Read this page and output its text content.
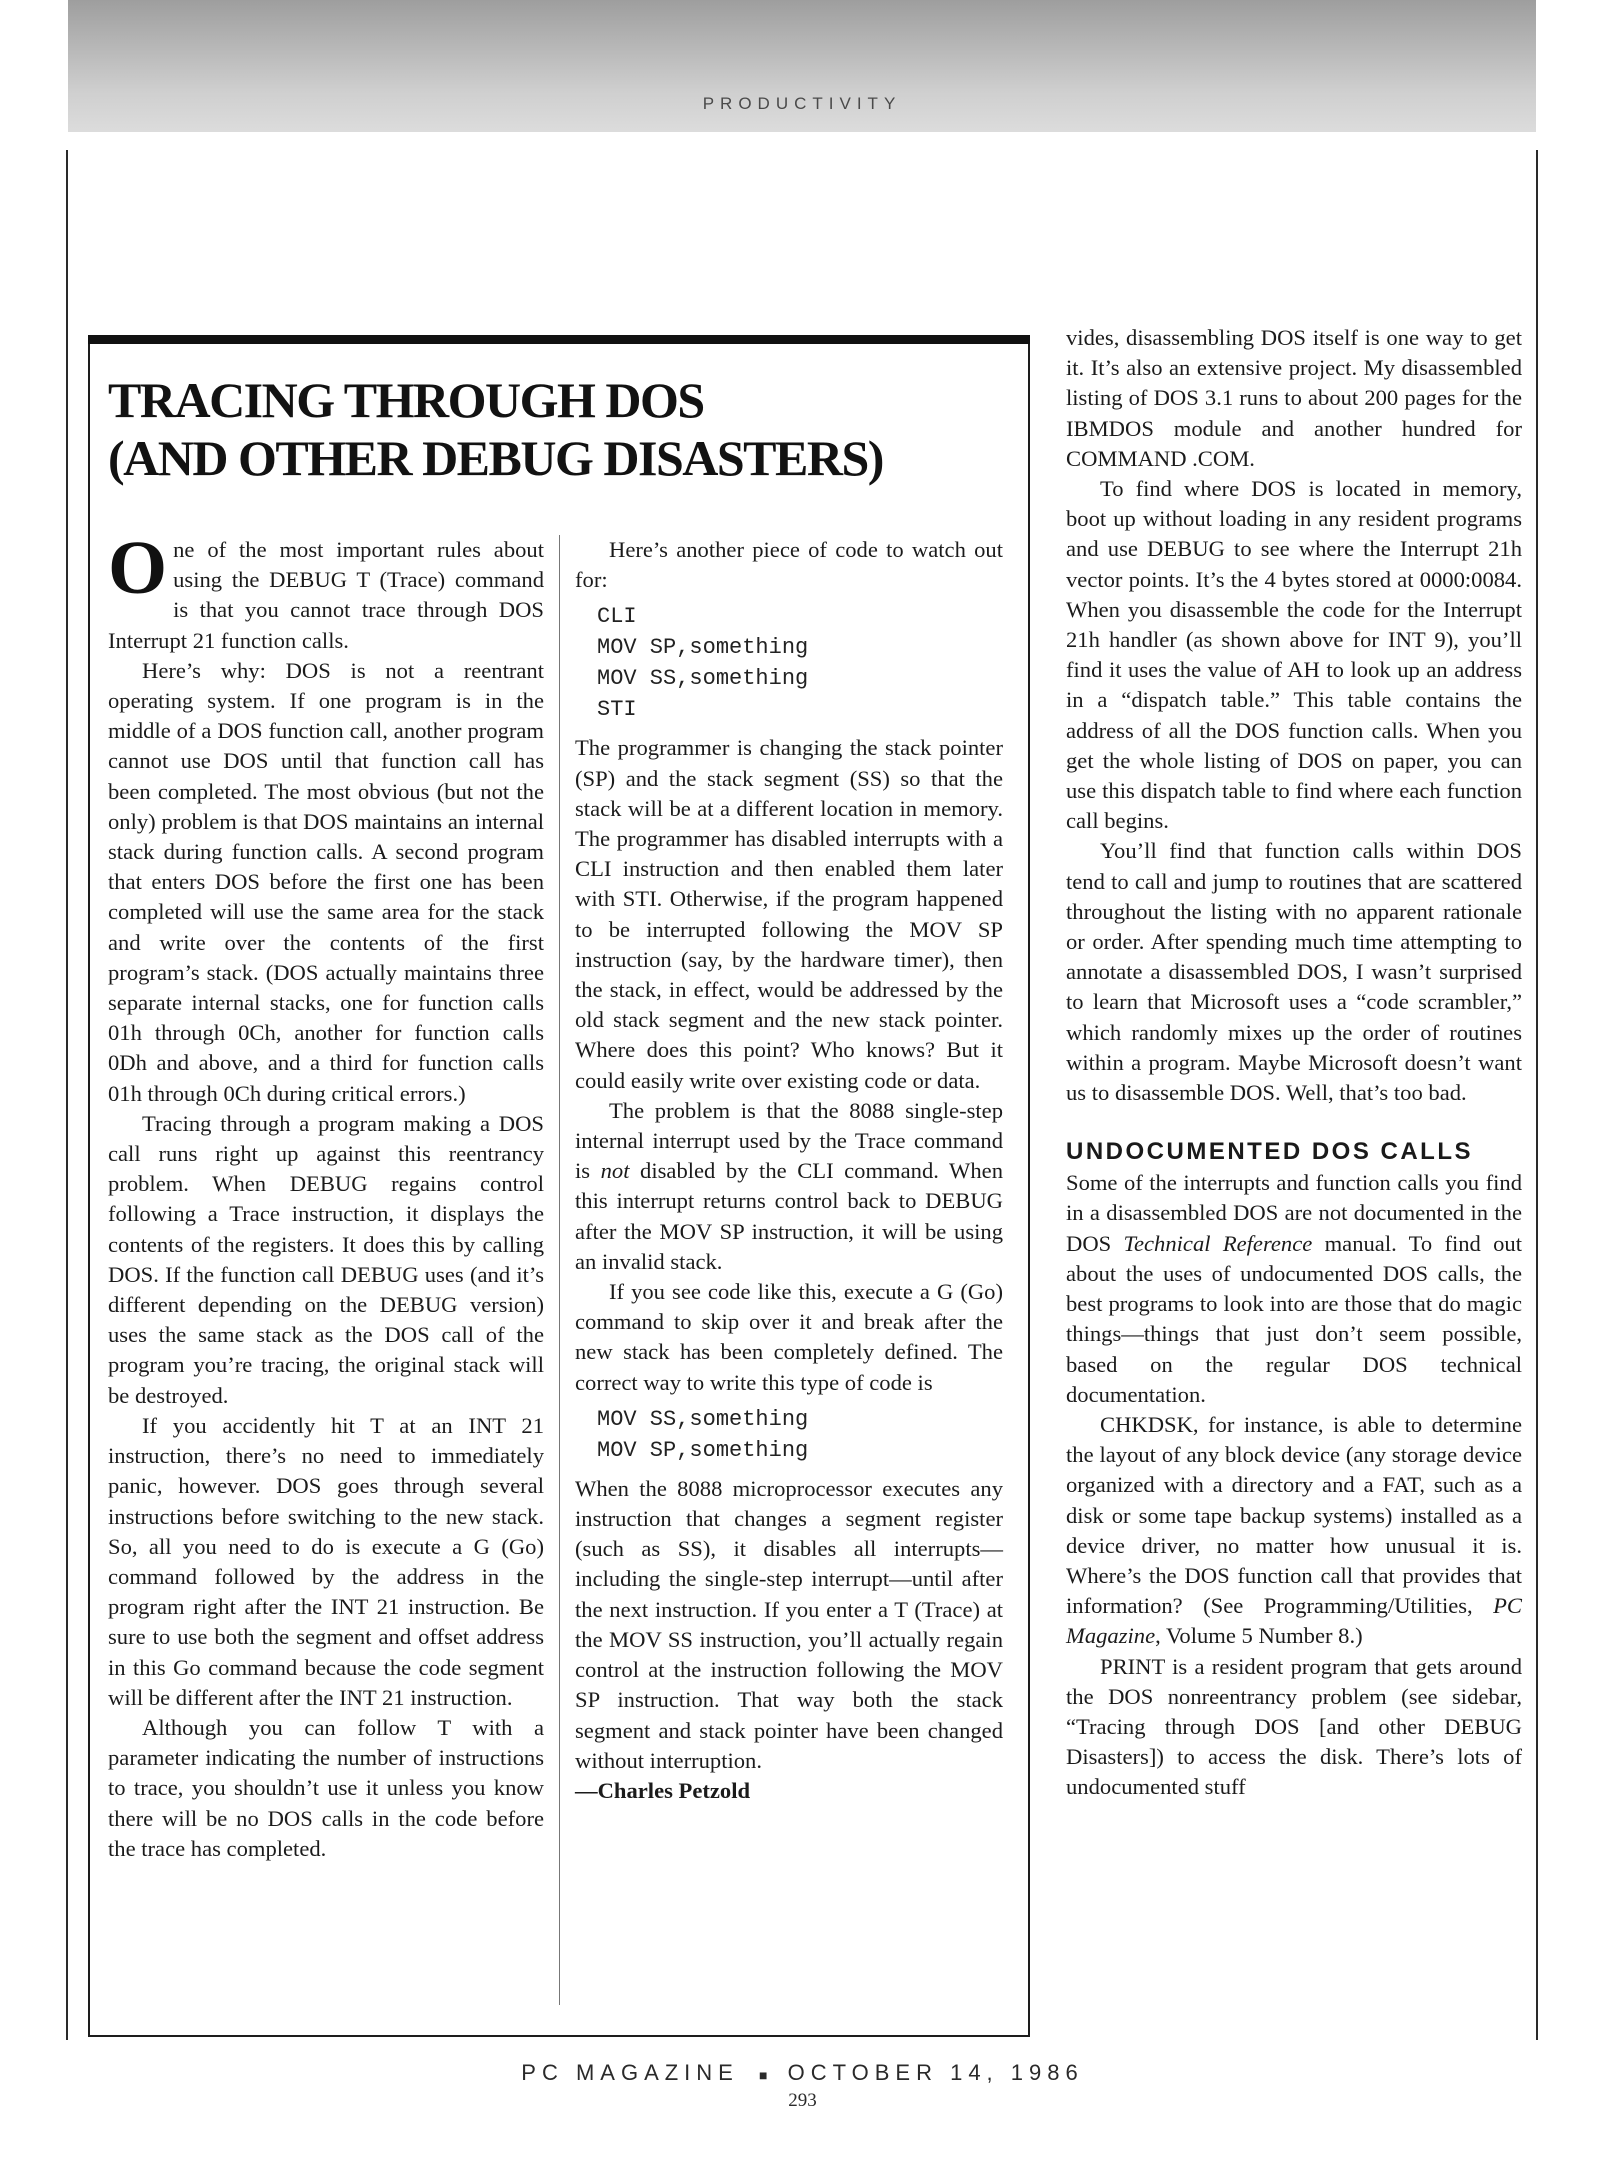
PRODUCTIVITY
TRACING THROUGH DOS
(AND OTHER DEBUG DISASTERS)

One of the most important rules about using the DEBUG T (Trace) command is that you cannot trace through DOS Interrupt 21 function calls.

Here’s why: DOS is not a reentrant operating system. If one program is in the middle of a DOS function call, another program cannot use DOS until that function call has been completed. The most obvious (but not the only) problem is that DOS maintains an internal stack during function calls. A second program that enters DOS before the first one has been completed will use the same area for the stack and write over the contents of the first program’s stack. (DOS actually maintains three separate internal stacks, one for function calls 01h through 0Ch, another for function calls 0Dh and above, and a third for function calls 01h through 0Ch during critical errors.)

Tracing through a program making a DOS call runs right up against this reentrancy problem. When DEBUG regains control following a Trace instruction, it displays the contents of the registers. It does this by calling DOS. If the function call DEBUG uses (and it’s different depending on the DEBUG version) uses the same stack as the DOS call of the program you’re tracing, the original stack will be destroyed.

If you accidently hit T at an INT 21 instruction, there’s no need to immediately panic, however. DOS goes through several instructions before switching to the new stack. So, all you need to do is execute a G (Go) command followed by the address in the program right after the INT 21 instruction. Be sure to use both the segment and offset address in this Go command because the code segment will be different after the INT 21 instruction.

Although you can follow T with a parameter indicating the number of instructions to trace, you shouldn’t use it unless you know there will be no DOS calls in the code before the trace has completed.

Here’s another piece of code to watch out for:

CLI
MOV SP,something
MOV SS,something
STI

The programmer is changing the stack pointer (SP) and the stack segment (SS) so that the stack will be at a different location in memory. The programmer has disabled interrupts with a CLI instruction and then enabled them later with STI. Otherwise, if the program happened to be interrupted following the MOV SP instruction (say, by the hardware timer), then the stack, in effect, would be addressed by the old stack segment and the new stack pointer. Where does this point? Who knows? But it could easily write over existing code or data.

The problem is that the 8088 single-step internal interrupt used by the Trace command is not disabled by the CLI command. When this interrupt returns control back to DEBUG after the MOV SP instruction, it will be using an invalid stack.

If you see code like this, execute a G (Go) command to skip over it and break after the new stack has been completely defined. The correct way to write this type of code is

MOV SS,something
MOV SP,something

When the 8088 microprocessor executes any instruction that changes a segment register (such as SS), it disables all interrupts—including the single-step interrupt—until after the next instruction. If you enter a T (Trace) at the MOV SS instruction, you’ll actually regain control at the instruction following the MOV SP instruction. That way both the stack segment and stack pointer have been changed without interruption.

—Charles Petzold

vides, disassembling DOS itself is one way to get it. It’s also an extensive project. My disassembled listing of DOS 3.1 runs to about 200 pages for the IBMDOS module and another hundred for COMMAND .COM.

To find where DOS is located in memory, boot up without loading in any resident programs and use DEBUG to see where the Interrupt 21h vector points. It’s the 4 bytes stored at 0000:0084. When you disassemble the code for the Interrupt 21h handler (as shown above for INT 9), you’ll find it uses the value of AH to look up an address in a “dispatch table.” This table contains the address of all the DOS function calls. When you get the whole listing of DOS on paper, you can use this dispatch table to find where each function call begins.

You’ll find that function calls within DOS tend to call and jump to routines that are scattered throughout the listing with no apparent rationale or order. After spending much time attempting to annotate a disassembled DOS, I wasn’t surprised to learn that Microsoft uses a “code scrambler,” which randomly mixes up the order of routines within a program. Maybe Microsoft doesn’t want us to disassemble DOS. Well, that’s too bad.

UNDOCUMENTED DOS CALLS

Some of the interrupts and function calls you find in a disassembled DOS are not documented in the DOS Technical Reference manual. To find out about the uses of undocumented DOS calls, the best programs to look into are those that do magic things—things that just don’t seem possible, based on the regular DOS technical documentation.

CHKDSK, for instance, is able to determine the layout of any block device (any storage device organized with a directory and a FAT, such as a disk or some tape backup systems) installed as a device driver, no matter how unusual it is. Where’s the DOS function call that provides that information? (See Programming/Utilities, PC Magazine, Volume 5 Number 8.)

PRINT is a resident program that gets around the DOS nonreentrancy problem (see sidebar, “Tracing through DOS [and other DEBUG Disasters]) to access the disk. There’s lots of undocumented stuff

PC MAGAZINE ■ OCTOBER 14, 1986
293
